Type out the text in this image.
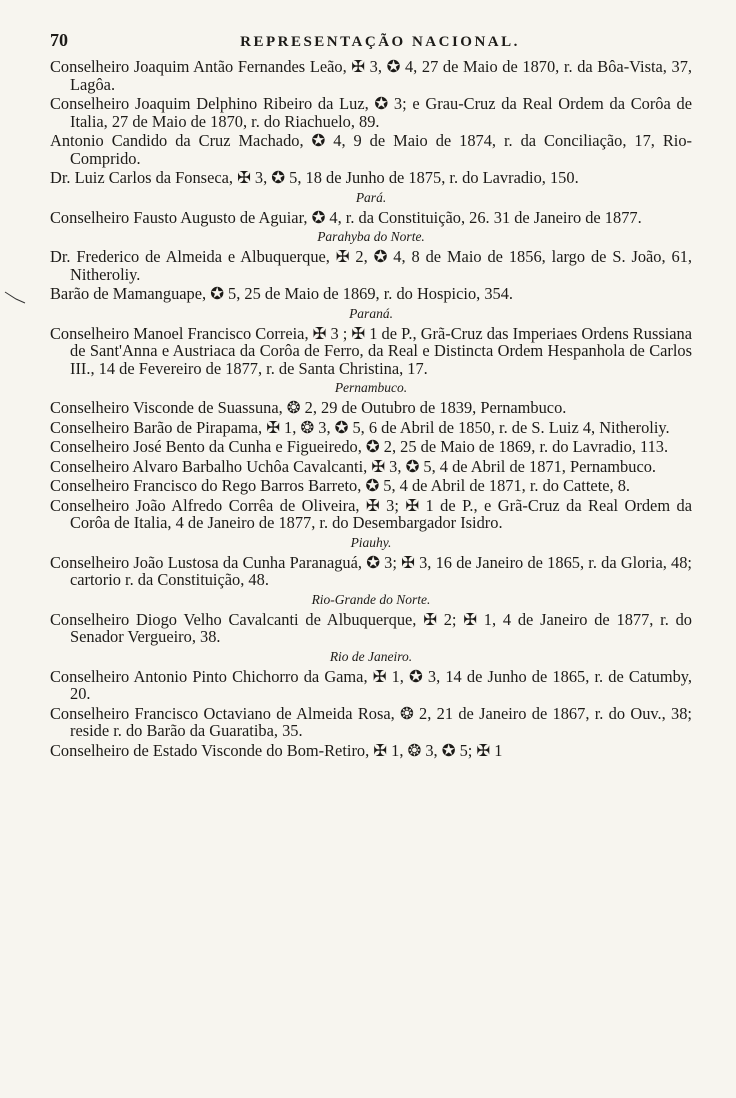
70	REPRESENTAÇÃO NACIONAL.

Conselheiro Joaquim Antão Fernandes Leão, ✠ 3, ✪ 4, 27 de Maio de 1870, r. da Bôa-Vista, 37, Lagôa.

Conselheiro Joaquim Delphino Ribeiro da Luz, ✪ 3; e Grau-Cruz da Real Ordem da Corôa de Italia, 27 de Maio de 1870, r. do Riachuelo, 89.

Antonio Candido da Cruz Machado, ✪ 4, 9 de Maio de 1874, r. da Conciliação, 17, Rio-Comprido.

Dr. Luiz Carlos da Fonseca, ✠ 3, ✪ 5, 18 de Junho de 1875, r. do Lavradio, 150.

Pará.

Conselheiro Fausto Augusto de Aguiar, ✪ 4, r. da Constituição, 26. 31 de Janeiro de 1877.

Parahyba do Norte.

Dr. Frederico de Almeida e Albuquerque, ✠ 2, ✪ 4, 8 de Maio de 1856, largo de S. João, 61, Nitheroliy.

Barão de Mamanguape, ✪ 5, 25 de Maio de 1869, r. do Hospicio, 354.

Paraná.

Conselheiro Manoel Francisco Correia, ✠ 3 ; ✠ 1 de P., Grã-Cruz das Imperiaes Ordens Russiana de Sant'Anna e Austriaca da Corôa de Ferro, da Real e Distincta Ordem Hespanhola de Carlos III., 14 de Fevereiro de 1877, r. de Santa Christina, 17.

Pernambuco.

Conselheiro Visconde de Suassuna, ❂ 2, 29 de Outubro de 1839, Pernambuco.

Conselheiro Barão de Pirapama, ✠ 1, ❂ 3, ✪ 5, 6 de Abril de 1850, r. de S. Luiz 4, Nitheroliy.

Conselheiro José Bento da Cunha e Figueiredo, ✪ 2, 25 de Maio de 1869, r. do Lavradio, 113.

Conselheiro Alvaro Barbalho Uchôa Cavalcanti, ✠ 3, ✪ 5, 4 de Abril de 1871, Pernambuco.

Conselheiro Francisco do Rego Barros Barreto, ✪ 5, 4 de Abril de 1871, r. do Cattete, 8.

Conselheiro João Alfredo Corrêa de Oliveira, ✠ 3; ✠ 1 de P., e Grã-Cruz da Real Ordem da Corôa de Italia, 4 de Janeiro de 1877, r. do Desembargador Isidro.

Piauhy.

Conselheiro João Lustosa da Cunha Paranaguá, ✪ 3; ✠ 3, 16 de Janeiro de 1865, r. da Gloria, 48; cartorio r. da Constituição, 48.

Rio-Grande do Norte.

Conselheiro Diogo Velho Cavalcanti de Albuquerque, ✠ 2; ✠ 1, 4 de Janeiro de 1877, r. do Senador Vergueiro, 38.

Rio de Janeiro.

Conselheiro Antonio Pinto Chichorro da Gama, ✠ 1, ✪ 3, 14 de Junho de 1865, r. de Catumby, 20.

Conselheiro Francisco Octaviano de Almeida Rosa, ❂ 2, 21 de Janeiro de 1867, r. do Ouv., 38; reside r. do Barão da Guaratiba, 35.

Conselheiro de Estado Visconde do Bom-Retiro, ✠ 1, ❂ 3, ✪ 5; ✠ 1
